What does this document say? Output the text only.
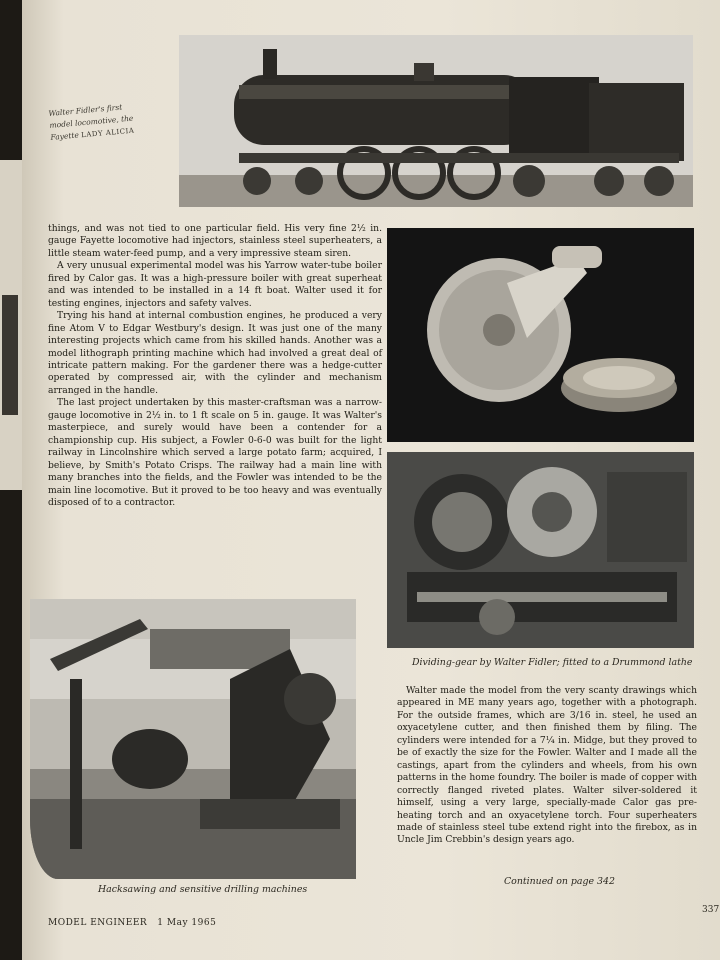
Walter Fidler's first
model locomotive, the
Fayette LADY ALICIA

things, and was not tied to one particular field. His very fine 2½ in. gauge Fayette locomotive had injectors, stainless steel superheaters, a little steam water-feed pump, and a very impressive steam siren.

A very unusual experimental model was his Yarrow water-tube boiler fired by Calor gas. It was a high-pressure boiler with great superheat and was intended to be installed in a 14 ft boat. Walter used it for testing engines, injectors and safety valves.

Trying his hand at internal combustion engines, he produced a very fine Atom V to Edgar Westbury's design. It was just one of the many interesting projects which came from his skilled hands. Another was a model lithograph printing machine which had involved a great deal of intricate pattern making. For the gardener there was a hedge-cutter operated by compressed air, with the cylinder and mechanism arranged in the handle.

The last project undertaken by this master-craftsman was a narrow-gauge locomotive in 2½ in. to 1 ft scale on 5 in. gauge. It was Walter's masterpiece, and surely would have been a contender for a championship cup. His subject, a Fowler 0-6-0 was built for the light railway in Lincolnshire which served a large potato farm; acquired, I believe, by Smith's Potato Crisps. The railway had a main line with many branches into the fields, and the Fowler was intended to be the main line locomotive. But it proved to be too heavy and was eventually disposed of to a contractor.

Dividing-gear by Walter Fidler; fitted to a Drummond lathe
Hacksawing and sensitive drilling machines

Walter made the model from the very scanty drawings which appeared in ME many years ago, together with a photograph. For the outside frames, which are 3/16 in. steel, he used an oxyacetylene cutter, and then finished them by filing. The cylinders were intended for a 7¼ in. Midge, but they proved to be of exactly the size for the Fowler. Walter and I made all the castings, apart from the cylinders and wheels, from his own patterns in the home foundry. The boiler is made of copper with correctly flanged riveted plates. Walter silver-soldered it himself, using a very large, specially-made Calor gas pre-heating torch and an oxyacetylene torch. Four superheaters made of stainless steel tube extend right into the firebox, as in Uncle Jim Crebbin's design years ago.

Continued on page 342
MODEL ENGINEER 1 May 1965
337
